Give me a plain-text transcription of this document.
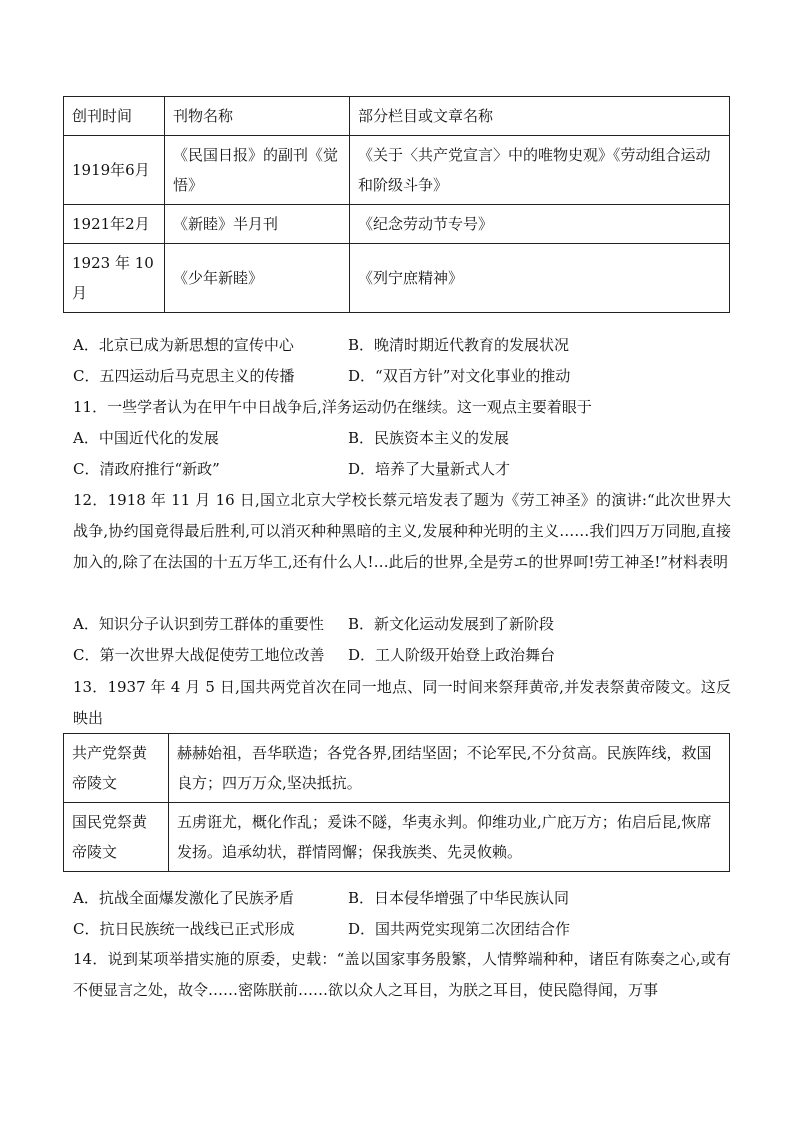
创刊时间	刊物名称	部分栏目或文章名称
1919年6月	《民国日报》的副刊《觉悟》	《关于〈共产党宣言〉中的唯物史观》《劳动组合运动和阶级斗争》
1921年2月	《新睦》半月刊	《纪念劳动节专号》
1923 年 10 月	《少年新睦》	《列宁庶精神》
A．北京已成为新思想的宣传中心	B．晚清时期近代教育的发展状况
C．五四运动后马克思主义的传播	D．“双百方针”对文化事业的推动
11．一些学者认为在甲午中日战争后,洋务运动仍在继续。这一观点主要着眼于
A．中国近代化的发展	B．民族资本主义的发展
C．清政府推行“新政”	D．培养了大量新式人才
12．1918 年 11 月 16 日,国立北京大学校长蔡元培发表了题为《劳工神圣》的演讲:“此次世界大战争,协约国竟得最后胜利,可以消灭种种黑暗的主义,发展种种光明的主义……我们四万万同胞,直接加入的,除了在法国的十五万华工,还有什么人!…此后的世界,全是劳エ的世界呵!劳工神圣!”材料表明
A．知识分子认识到劳工群体的重要性 B．新文化运动发展到了新阶段
C．第一次世界大战促使劳工地位改善 D．工人阶级开始登上政治舞台
13．1937 年 4 月 5 日,国共两党首次在同一地点、同一时间来祭拜黄帝,并发表祭黄帝陵文。这反映出
共产党祭黄帝陵文	赫赫始祖，吾华联造；各党各界,团结坚固；不论军民,不分贫高。民族阵线，救国良方；四万万众,坚决抵抗。
国民党祭黄帝陵文	五虏诳尤，概化作乱；爰诛不隧，华夷永判。仰维功业,广庇万方；佑启后昆,恢席发扬。追承幼状，群情罔懈；保我族类、先灵攸赖。
A．抗战全面爆发激化了民族矛盾	B．日本侵华增强了中华民族认同
C．抗日民族统一战线已正式形成	D．国共两党实现第二次团结合作
14．说到某项举措实施的原委，史载：“盖以国家事务殷繁，人情弊端种种，诸臣有陈奏之心,或有不便显言之处，故令……密陈朕前……欲以众人之耳目，为朕之耳目，使民隐得闻，万事
